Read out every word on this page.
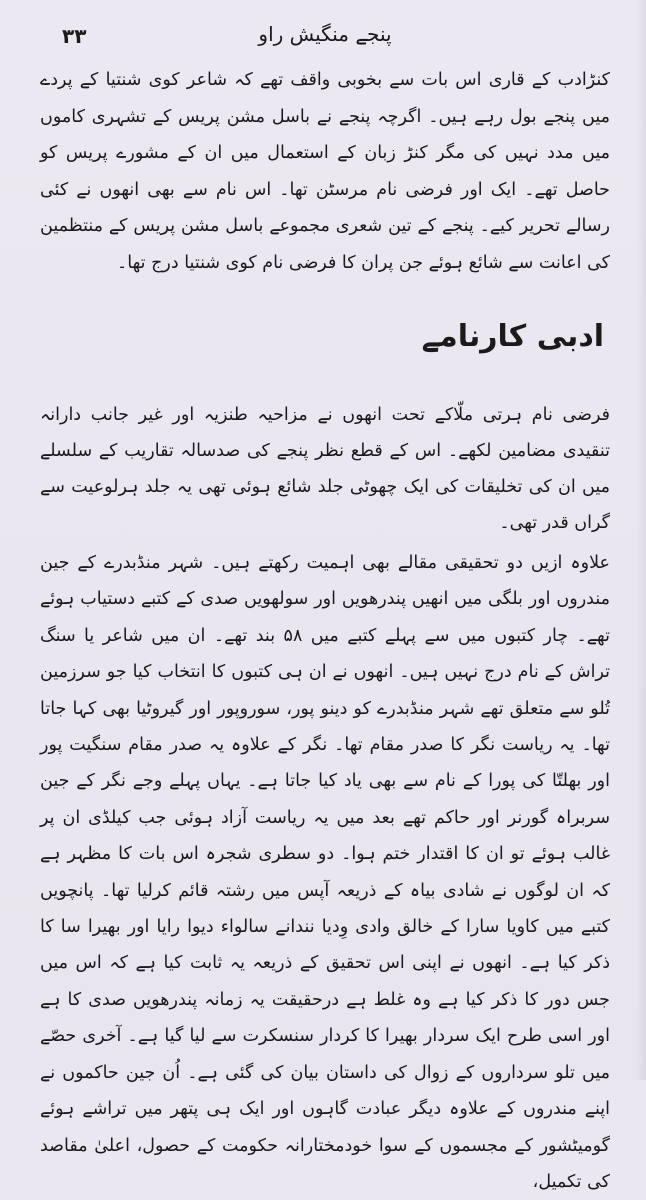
۳۳	پنجے منگیش راو

کنڑادب کے قاری اس بات سے بخوبی واقف تھے کہ شاعر کوی شنتیا کے پردے میں پنجے بول رہے ہیں۔ اگرچہ پنجے نے باسل مشن پریس کے تشہری کاموں میں مدد نہیں کی مگر کنڑ زبان کے استعمال میں ان کے مشورے پریس کو حاصل تھے۔ ایک اور فرضی نام مرسٹن تھا۔ اس نام سے بھی انھوں نے کئی رسالے تحریر کیے۔ پنجے کے تین شعری مجموعے باسل مشن پریس کے منتظمین کی اعانت سے شائع ہوئے جن پران کا فرضی نام کوی شنتیا درج تھا۔

ادبی کارنامے

فرضی نام ہرتی ملّاکے تحت انھوں نے مزاحیہ طنزیہ اور غیر جانب دارانہ تنقیدی مضامین لکھے۔ اس کے قطع نظر پنجے کی صدسالہ تقاریب کے سلسلے میں ان کی تخلیقات کی ایک چھوٹی جلد شائع ہوئی تھی یہ جلد ہرلوعیت سے گراں قدر تھی۔

علاوہ ازیں دو تحقیقی مقالے بھی اہمیت رکھتے ہیں۔ شہر منڈبدرے کے جین مندروں اور بلگی میں انھیں پندرھویں اور سولھویں صدی کے کتبے دستیاب ہوئے تھے۔ چار کتبوں میں سے پہلے کتبے میں ۵۸ بند تھے۔ ان میں شاعر یا سنگ تراش کے نام درج نہیں ہیں۔ انھوں نے ان ہی کتبوں کا انتخاب کیا جو سرزمین تُلو سے متعلق تھے شہر منڈبدرے کو دینو پور، سوروپور اور گیروٹیا بھی کہا جاتا تھا۔ یہ ریاست نگر کا صدر مقام تھا۔ نگر کے علاوہ یہ صدر مقام سنگیت پور اور بھلتّا کی پورا کے نام سے بھی یاد کیا جاتا ہے۔ یہاں پہلے وجے نگر کے جین سربراہ گورنر اور حاکم تھے بعد میں یہ ریاست آزاد ہوئی جب کیلڈی ان پر غالب ہوئے تو ان کا اقتدار ختم ہوا۔ دو سطری شجرہ اس بات کا مظہر ہے کہ ان لوگوں نے شادی بیاہ کے ذریعہ آپس میں رشتہ قائم کرلیا تھا۔ پانچویں کتبے میں کاویا سارا کے خالق وادی وِدیا نندانے سالواء دیوا رایا اور بھیرا سا کا ذکر کیا ہے۔ انھوں نے اپنی اس تحقیق کے ذریعہ یہ ثابت کیا ہے کہ اس میں جس دور کا ذکر کیا ہے وہ غلط ہے درحقیقت یہ زمانہ پندرھویں صدی کا ہے اور اسی طرح ایک سردار بھیرا کا کردار سنسکرت سے لیا گیا ہے۔ آخری حصّے میں تلو سرداروں کے زوال کی داستان بیان کی گئی ہے۔ اُن جین حاکموں نے اپنے مندروں کے علاوہ دیگر عبادت گاہوں اور ایک ہی پتھر میں تراشے ہوئے گومیٹشور کے مجسموں کے سوا خودمختارانہ حکومت کے حصول، اعلیٰ مقاصد کی تکمیل،
